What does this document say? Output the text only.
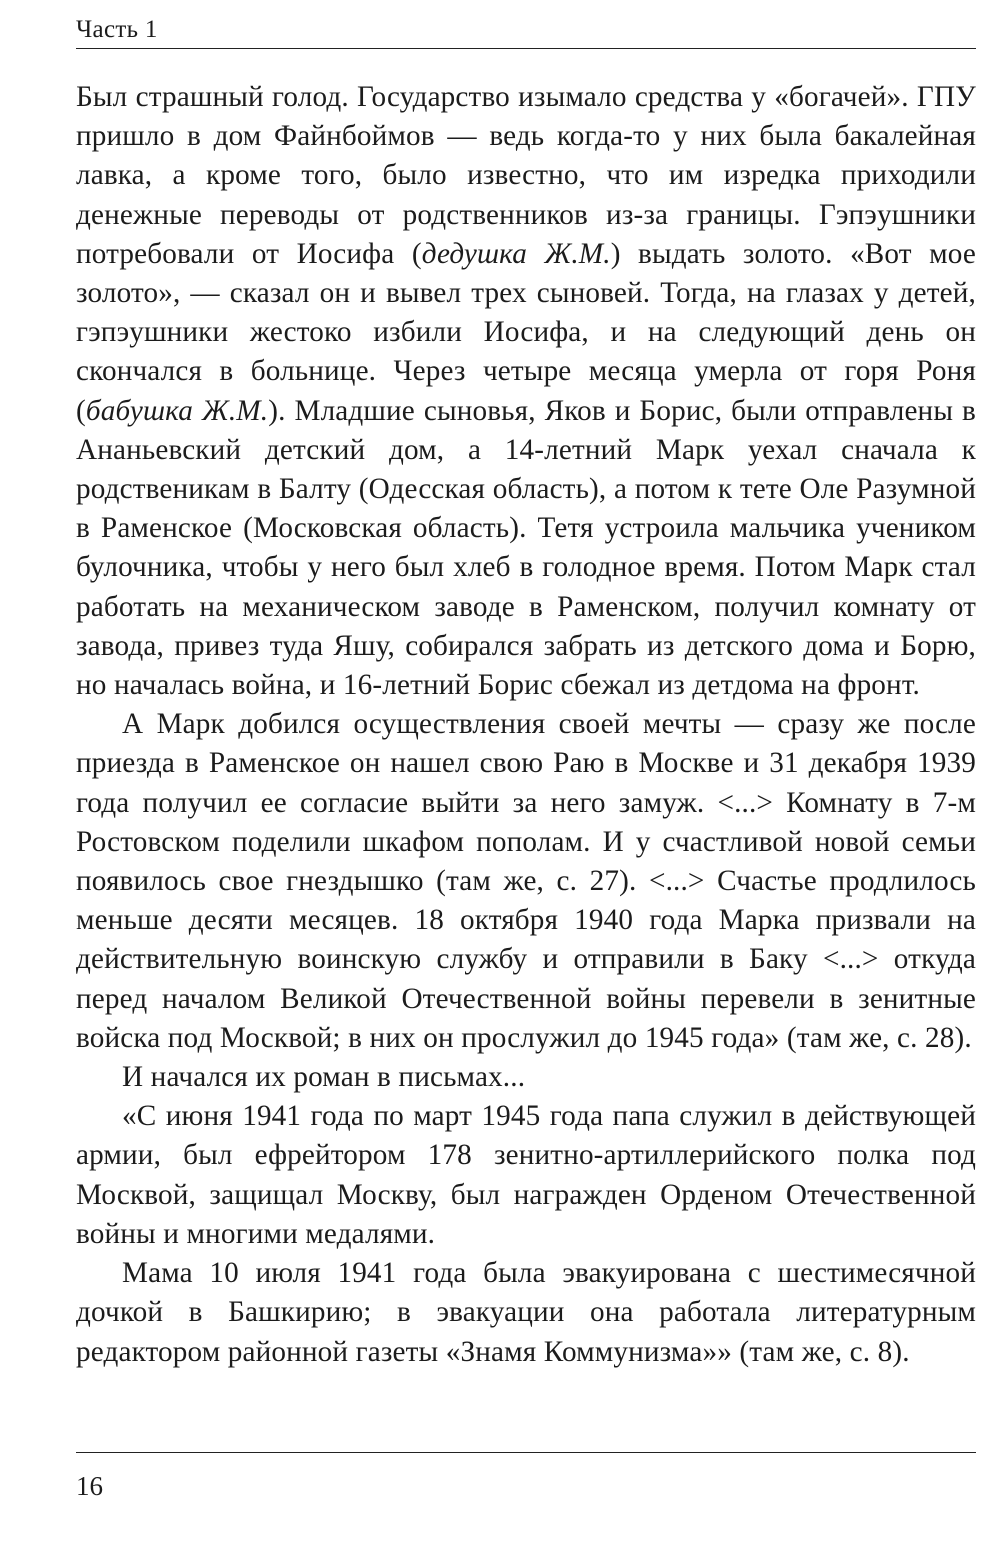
Часть 1

Был страшный голод. Государство изымало средства у «богачей». ГПУ пришло в дом Файнбоймов — ведь когда-то у них была бакалейная лавка, а кроме того, было известно, что им изредка приходили денежные переводы от родственников из-за границы. Гэпэушники потребовали от Иосифа (дедушка Ж.М.) выдать золото. «Вот мое золото», — сказал он и вывел трех сыновей. Тогда, на глазах у детей, гэпэушники жестоко избили Иосифа, и на следующий день он скончался в больнице. Через четыре месяца умерла от горя Роня (бабушка Ж.М.). Младшие сыновья, Яков и Борис, были отправлены в Ананьевский детский дом, а 14-летний Марк уехал сначала к родственикам в Балту (Одесская область), а потом к тете Оле Разумной в Раменское (Московская область). Тетя устроила мальчика учеником булочника, чтобы у него был хлеб в голодное время. Потом Марк стал работать на механическом заводе в Раменском, получил комнату от завода, привез туда Яшу, собирался забрать из детского дома и Борю, но началась война, и 16-летний Борис сбежал из детдома на фронт.

А Марк добился осуществления своей мечты — сразу же после приезда в Раменское он нашел свою Раю в Москве и 31 декабря 1939 года получил ее согласие выйти за него замуж. <...> Комнату в 7-м Ростовском поделили шкафом пополам. И у счастливой новой семьи появилось свое гнездышко (там же, с. 27). <...> Счастье продлилось меньше десяти месяцев. 18 октября 1940 года Марка призвали на действительную воинскую службу и отправили в Баку <...> откуда перед началом Великой Отечественной войны перевели в зенитные войска под Москвой; в них он прослужил до 1945 года» (там же, с. 28).

И начался их роман в письмах...

«С июня 1941 года по март 1945 года папа служил в действующей армии, был ефрейтором 178 зенитно-артиллерийского полка под Москвой, защищал Москву, был награжден Орденом Отечественной войны и многими медалями.

Мама 10 июля 1941 года была эвакуирована с шестимесячной дочкой в Башкирию; в эвакуации она работала литературным редактором районной газеты «Знамя Коммунизма»» (там же, с. 8).

16
